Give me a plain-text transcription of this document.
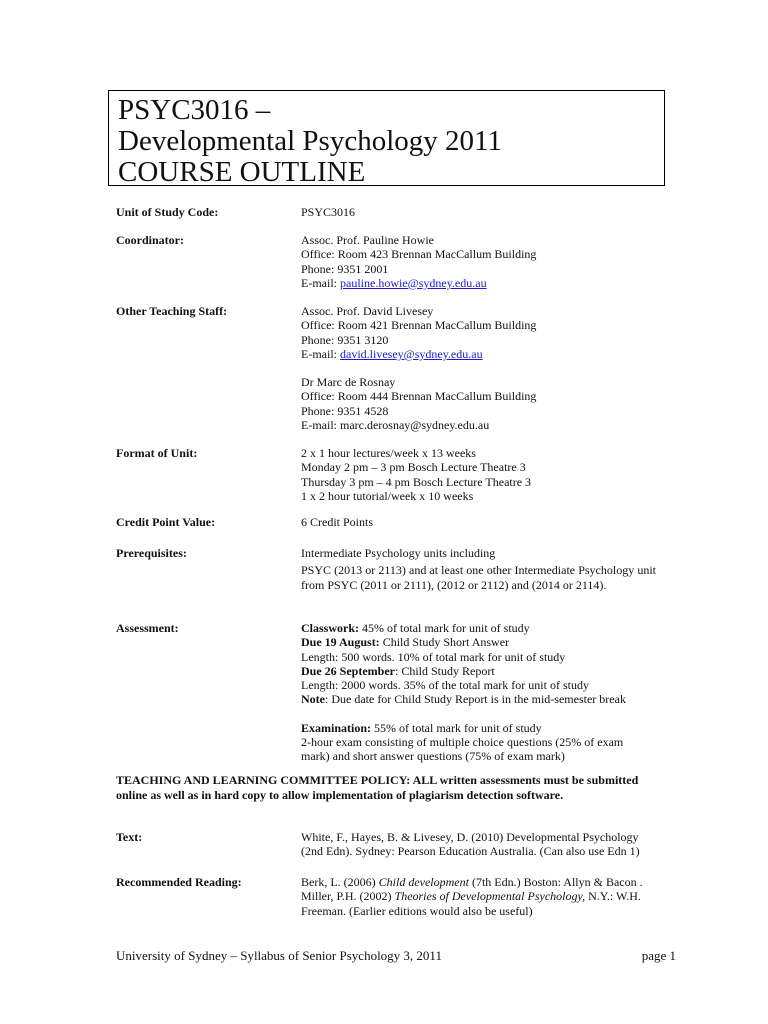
PSYC3016 –
Developmental Psychology 2011
COURSE OUTLINE
Unit of Study Code:	PSYC3016
Coordinator:	Assoc. Prof. Pauline Howie
Office: Room 423 Brennan MacCallum Building
Phone: 9351 2001
E-mail: pauline.howie@sydney.edu.au
Other Teaching Staff:	Assoc. Prof. David Livesey
Office: Room 421 Brennan MacCallum Building
Phone: 9351 3120
E-mail: david.livesey@sydney.edu.au
Dr Marc de Rosnay
Office: Room 444 Brennan MacCallum Building
Phone: 9351 4528
E-mail: marc.derosnay@sydney.edu.au
Format of Unit:	2 x 1 hour lectures/week x 13 weeks
Monday 2 pm – 3 pm Bosch Lecture Theatre 3
Thursday 3 pm – 4 pm Bosch Lecture Theatre 3
1 x 2 hour tutorial/week x 10 weeks
Credit Point Value:	6 Credit Points
Prerequisites:	Intermediate Psychology units including
PSYC (2013 or 2113) and at least one other Intermediate Psychology unit from PSYC (2011 or 2111), (2012 or 2112) and (2014 or 2114).
Assessment:	Classwork: 45% of total mark for unit of study
Due 19 August: Child Study Short Answer
Length: 500 words. 10% of total mark for unit of study
Due 26 September: Child Study Report
Length: 2000 words. 35% of the total mark for unit of study
Note: Due date for Child Study Report is in the mid-semester break
Examination: 55% of total mark for unit of study
2-hour exam consisting of multiple choice questions (25% of exam
mark) and short answer questions (75% of exam mark)
TEACHING AND LEARNING COMMITTEE POLICY: ALL written assessments must be submitted online as well as in hard copy to allow implementation of plagiarism detection software.
Text:	White, F., Hayes, B. & Livesey, D. (2010) Developmental Psychology
(2nd Edn). Sydney: Pearson Education Australia. (Can also use Edn 1)
Recommended Reading:	Berk, L. (2006) Child development (7th Edn.) Boston: Allyn & Bacon .
Miller, P.H. (2002) Theories of Developmental Psychology, N.Y.: W.H.
Freeman. (Earlier editions would also be useful)
University of Sydney – Syllabus of Senior Psychology 3, 2011	page 1
